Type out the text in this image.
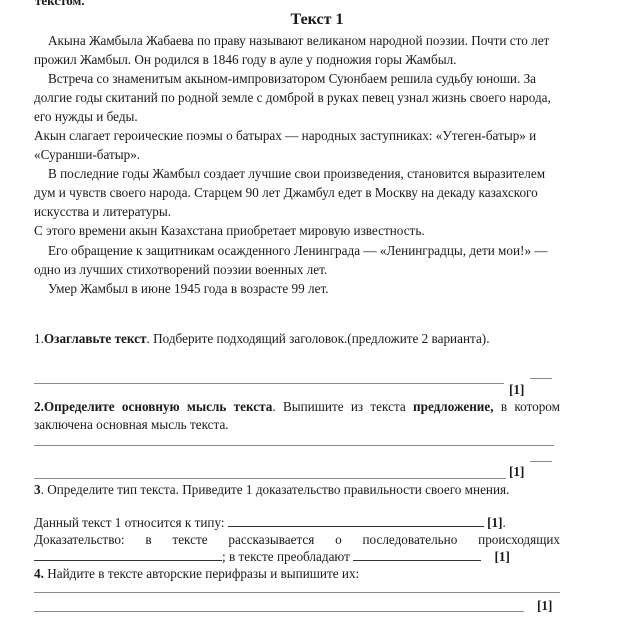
текстом.
Текст 1

Акына Жамбыла Жабаева по праву называют великаном народной поэзии. Почти сто лет прожил Жамбыл. Он родился в 1846 году в ауле у подножия горы Жамбыл.

Встреча со знаменитым акыном-импровизатором Суюнбаем решила судьбу юноши. За долгие годы скитаний по родной земле с домброй в руках певец узнал жизнь своего народа, его нужды и беды.

Акын слагает героические поэмы о батырах — народных заступниках: «Утеген-батыр» и «Суранши-батыр».

В последние годы Жамбыл создает лучшие свои произведения, становится выразителем дум и чувств своего народа. Старцем 90 лет Джамбул едет в Москву на декаду казахского искусства и литературы.

С этого времени акын Казахстана приобретает мировую известность.

Его обращение к защитникам осажденного Ленинграда — «Ленинградцы, дети мои!» — одно из лучших стихотворений поэзии военных лет.

Умер Жамбыл в июне 1945 года в возрасте 99 лет.

1.Озаглавьте текст. Подберите подходящий заголовок.(предложите 2 варианта).
[1]
2.Определите основную мысль текста. Выпишите из текста предложение, в котором заключена основная мысль текста.
[1]
3. Определите тип текста. Приведите 1 доказательство правильности своего мнения.
Данный текст 1 относится к типу:	[1].
Доказательство: в тексте рассказывается о последовательно происходящих
; в тексте преобладают	[1]
4. Найдите в тексте авторские перифразы и выпишите их:
[1]
